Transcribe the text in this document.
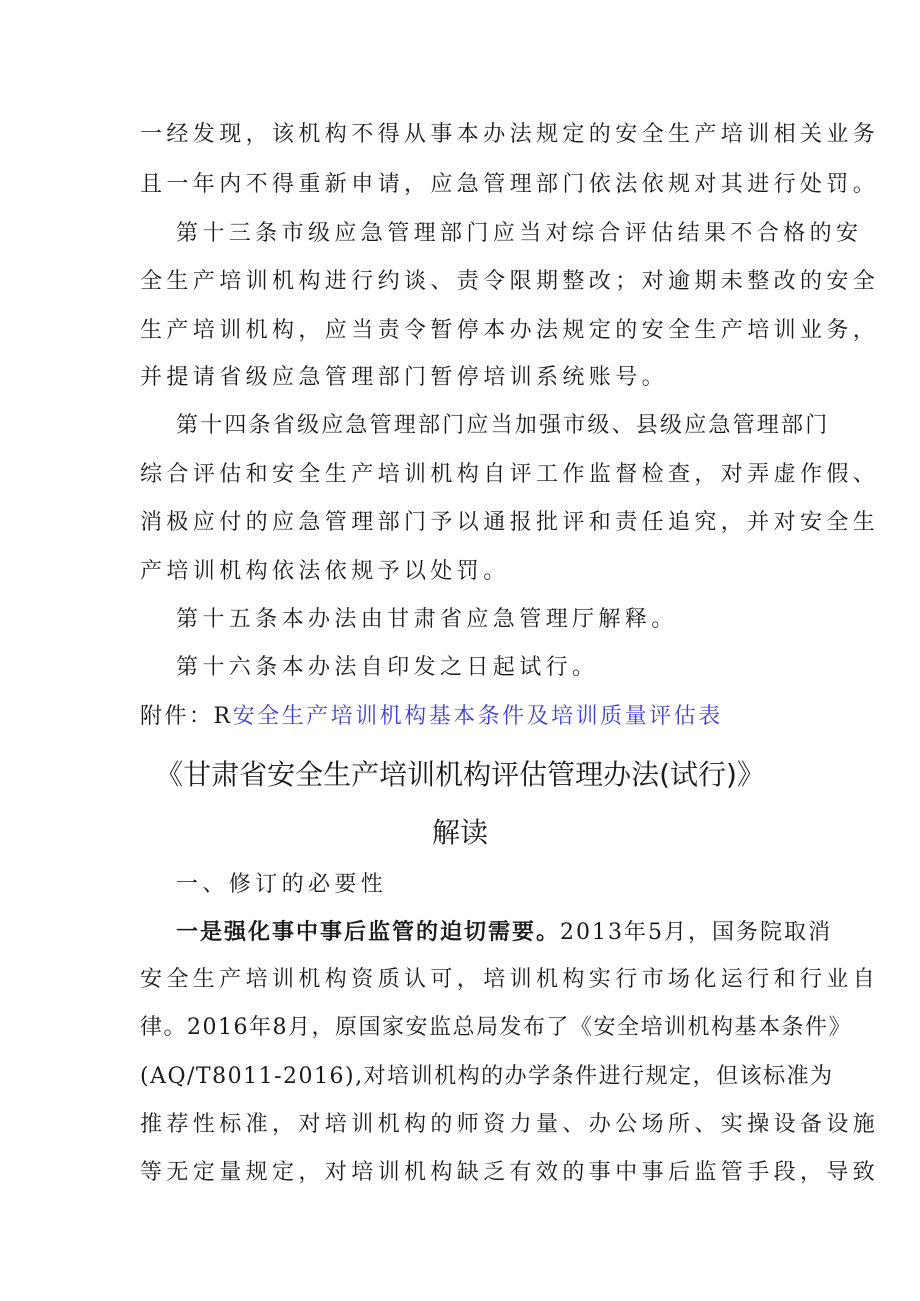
一经发现，该机构不得从事本办法规定的安全生产培训相关业务
且一年内不得重新申请，应急管理部门依法依规对其进行处罚。
第十三条市级应急管理部门应当对综合评估结果不合格的安
全生产培训机构进行约谈、责令限期整改；对逾期未整改的安全
生产培训机构，应当责令暂停本办法规定的安全生产培训业务，
并提请省级应急管理部门暂停培训系统账号。
第十四条省级应急管理部门应当加强市级、县级应急管理部门
综合评估和安全生产培训机构自评工作监督检查，对弄虚作假、
消极应付的应急管理部门予以通报批评和责任追究，并对安全生
产培训机构依法依规予以处罚。
第十五条本办法由甘肃省应急管理厅解释。
第十六条本办法自印发之日起试行。
附件：R安全生产培训机构基本条件及培训质量评估表
《甘肃省安全生产培训机构评估管理办法(试行)》
解读
一、修订的必要性
一是强化事中事后监管的迫切需要。2013年5月，国务院取消
安全生产培训机构资质认可，培训机构实行市场化运行和行业自
律。2016年8月，原国家安监总局发布了《安全培训机构基本条件》
(AQ/T8011-2016),对培训机构的办学条件进行规定，但该标准为
推荐性标准，对培训机构的师资力量、办公场所、实操设备设施
等无定量规定，对培训机构缺乏有效的事中事后监管手段，导致
